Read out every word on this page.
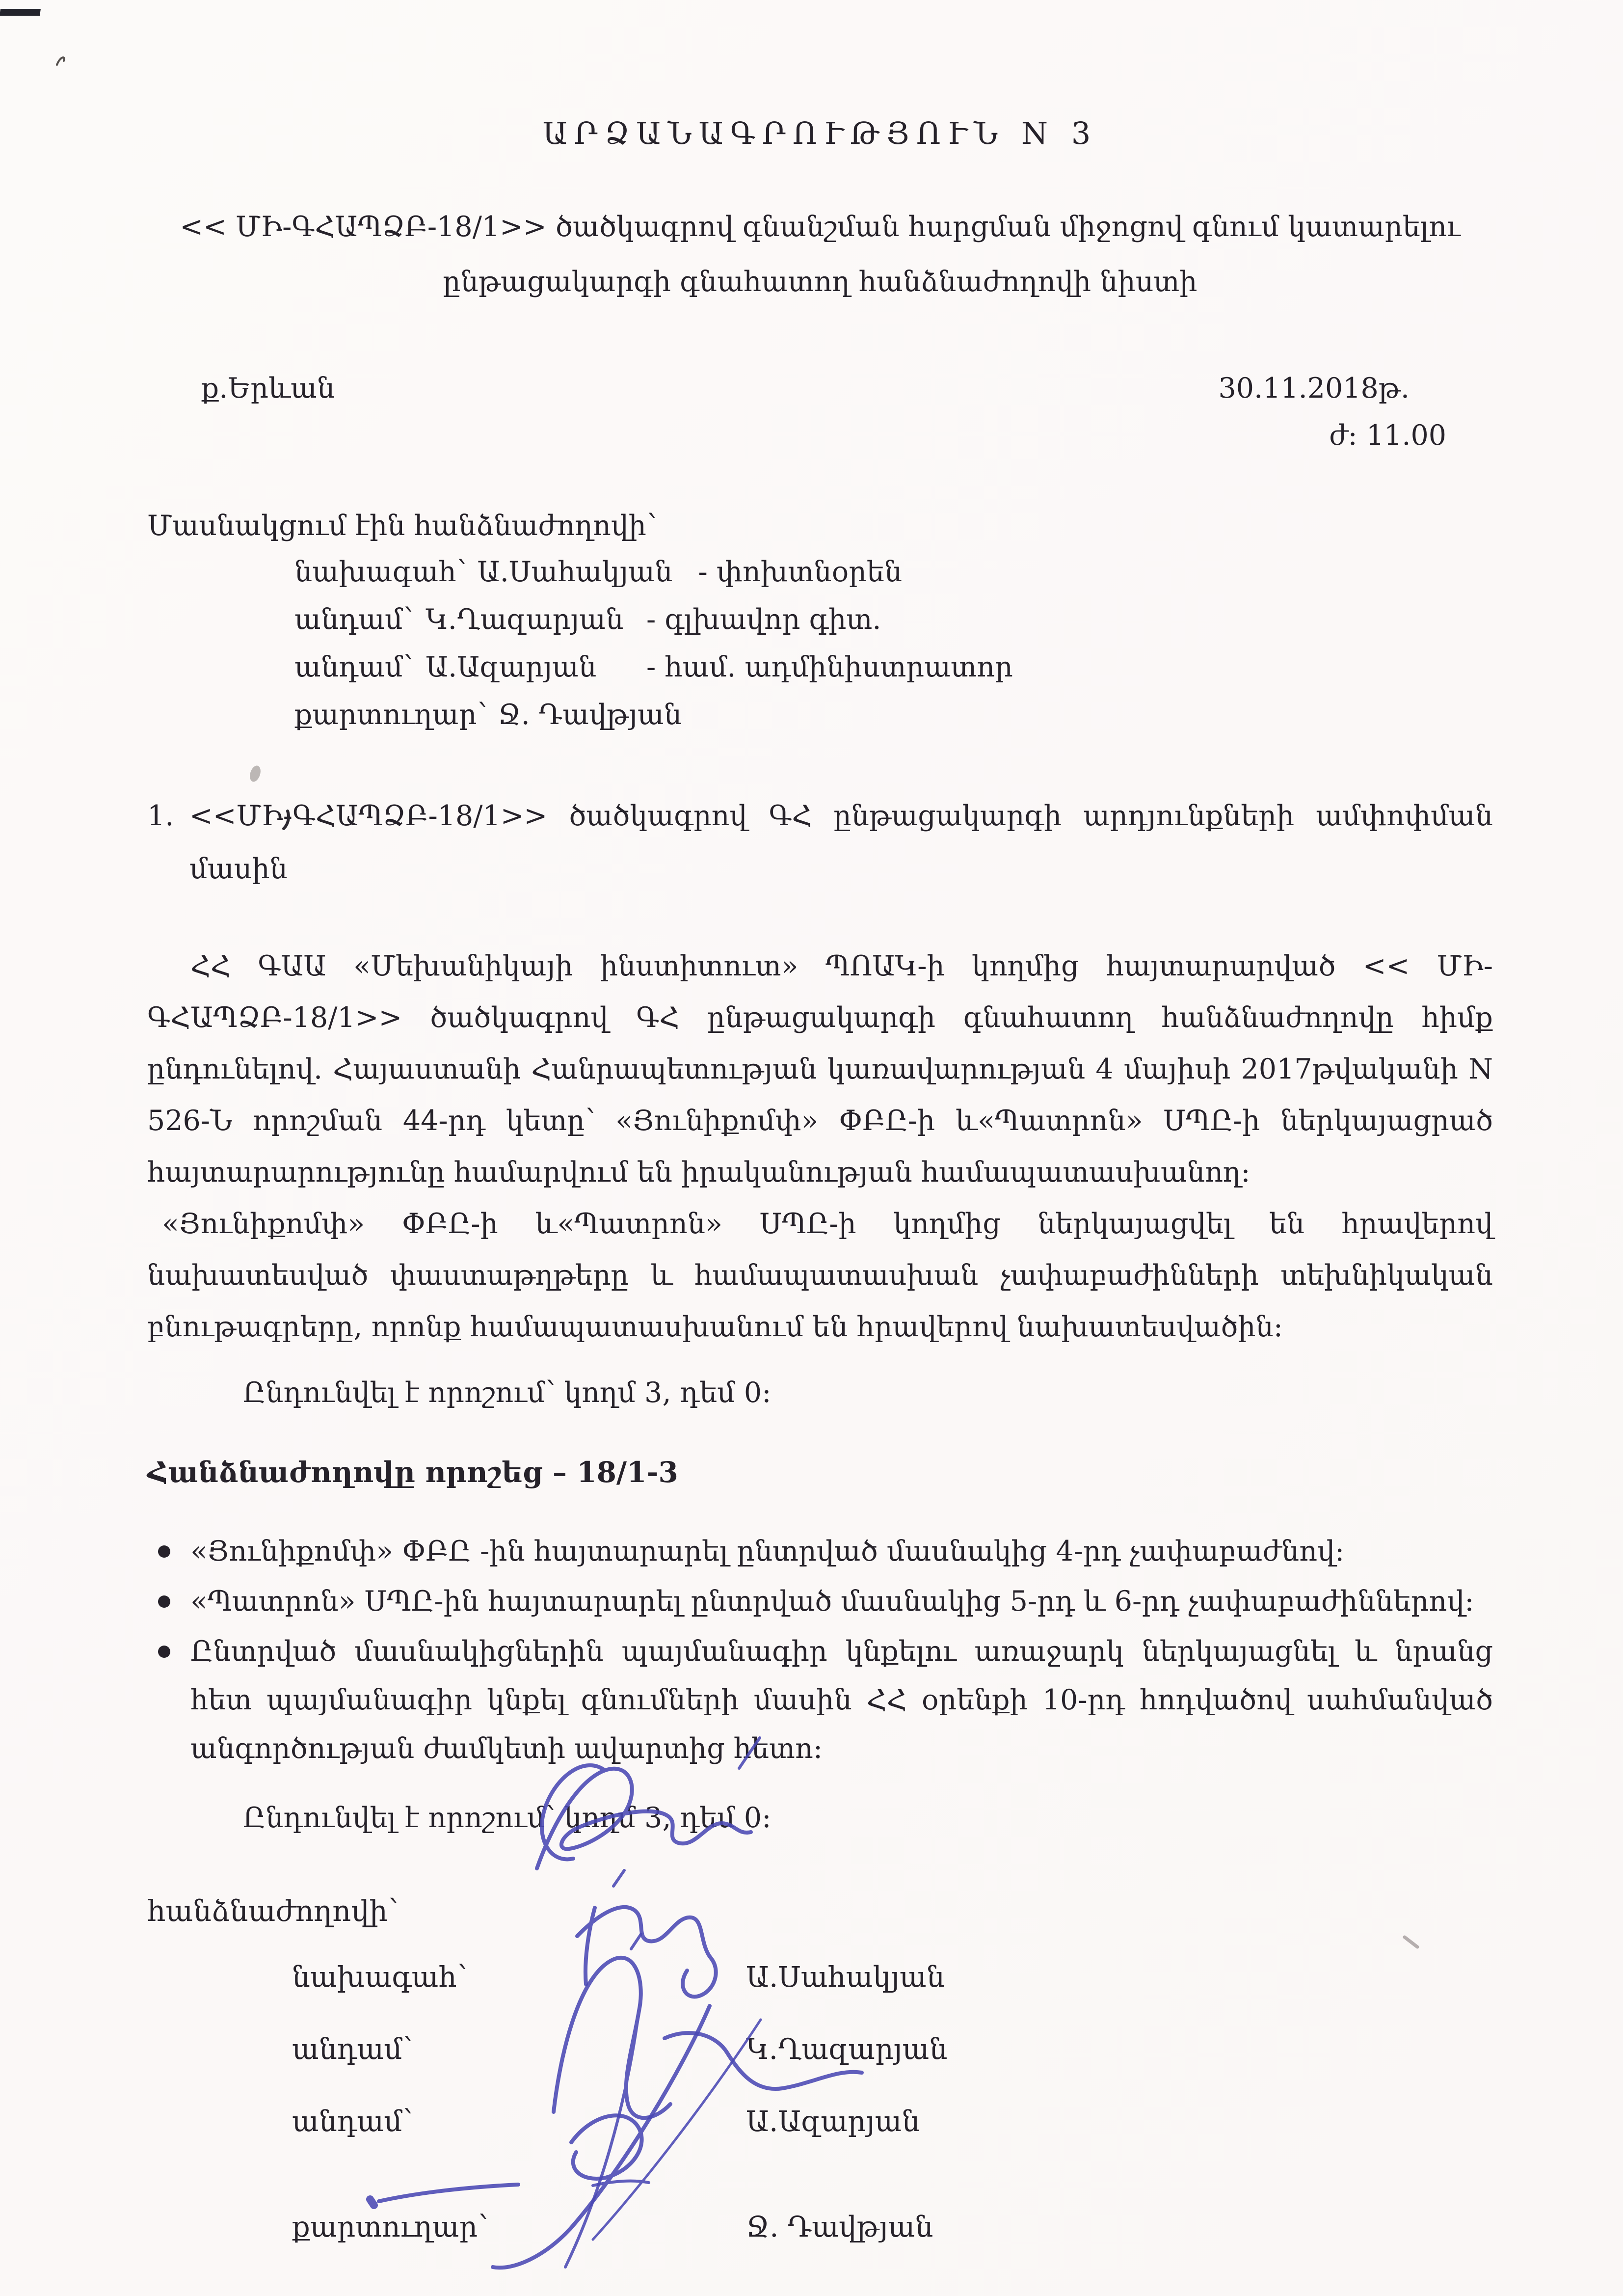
ԱՐՁԱՆԱԳՐՈՒԹՅՈՒՆ N 3
<< ՄԻ-ԳՀԱՊՁԲ-18/1>> ծածկագրով գնանշման հարցման միջոցով գնում կատարելու
ընթացակարգի գնահատող հանձնաժողովի նիստի
ք.Երևան	30.11.2018թ.
ժ: 11.00

Մասնակցում էին հանձնաժողովի՝

նախագահ՝ Ա.Սահակյան - փոխտնօրեն
անդամ՝ Կ.Ղազարյան - գլխավոր գիտ.
անդամ՝ Ա.Ազարյան	- համ. ադմինիստրատոր
քարտուղար՝ Ջ. Դավթյան
1. <<ՄԻ-ԳՀԱՊՁԲ-18/1>> ծածկագրով ԳՀ ընթացակարգի արդյունքների ամփոփման մասին

ՀՀ ԳԱԱ «Մեխանիկայի ինստիտուտ» ՊՈԱԿ-ի կողմից հայտարարված << ՄԻ-ԳՀԱՊՁԲ-18/1>> ծածկագրով ԳՀ ընթացակարգի գնահատող հանձնաժողովը հիմք ընդունելով. Հայաստանի Հանրապետության կառավարության 4 մայիսի 2017թվականի N 526-Ն որոշման 44-րդ կետը՝ «Յունիքոմփ» ՓԲԸ-ի և«Պատրոն» ՍՊԸ-ի ներկայացրած հայտարարությունը համարվում են իրականության համապատասխանող:

«Յունիքոմփ» ՓԲԸ-ի և«Պատրոն» ՍՊԸ-ի կողմից ներկայացվել են հրավերով նախատեսված փաստաթղթերը և համապատասխան չափաբաժինների տեխնիկական բնութագրերը, որոնք համապատասխանում են հրավերով նախատեսվածին:

Ընդունվել է որոշում՝ կողմ 3, դեմ 0:

Հանձնաժողովը որոշեց – 18/1-3

«Յունիքոմփ» ՓԲԸ -ին հայտարարել ընտրված մասնակից 4-րդ չափաբաժնով:
«Պատրոն» ՍՊԸ-ին հայտարարել ընտրված մասնակից 5-րդ և 6-րդ չափաբաժիններով:
Ընտրված մասնակիցներին պայմանագիր կնքելու առաջարկ ներկայացնել և նրանց հետ պայմանագիր կնքել գնումների մասին ՀՀ օրենքի 10-րդ հոդվածով սահմանված անգործության ժամկետի ավարտից հետո:

Ընդունվել է որոշում՝ կողմ 3, դեմ 0:

հանձնաժողովի՝

նախագահ՝	Ա.Սահակյան
անդամ՝	Կ.Ղազարյան
անդամ՝	Ա.Ազարյան
քարտուղար՝	Ջ. Դավթյան
